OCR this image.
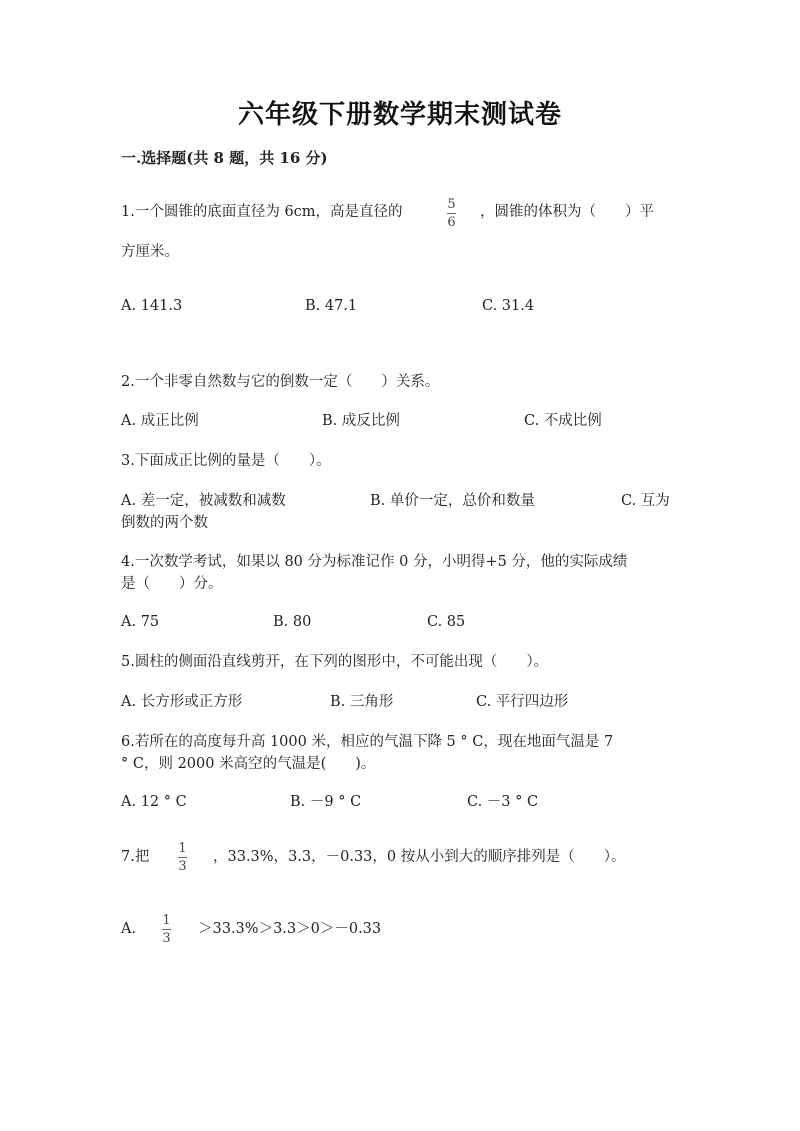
六年级下册数学期末测试卷
一.选择题(共 8 题，共 16 分)
1.一个圆锥的底面直径为 6cm，高是直径的	5
6
，圆锥的体积为（　　）平
方厘米。
A. 141.3	B. 47.1	C. 31.4
2.一个非零自然数与它的倒数一定（　　）关系。
A. 成正比例	B. 成反比例	C. 不成比例
3.下面成正比例的量是（　　）。
A. 差一定，被减数和减数	B. 单价一定，总价和数量	C. 互为
倒数的两个数
4.一次数学考试，如果以 80 分为标准记作 0 分，小明得+5 分，他的实际成绩
是（　　）分。
A. 75	B. 80	C. 85
5.圆柱的侧面沿直线剪开，在下列的图形中，不可能出现（　　）。
A. 长方形或正方形	B. 三角形	C. 平行四边形
6.若所在的高度每升高 1000 米，相应的气温下降 5 ° C，现在地面气温是 7
° C，则 2000 米高空的气温是(　　)。
A. 12 ° C	B. －9 ° C	C. －3 ° C
7.把
1
3
，33.3%，3.3，－0.33，0 按从小到大的顺序排列是（　　）。
A.
1
3
＞33.3%＞3.3＞0＞－0.33
